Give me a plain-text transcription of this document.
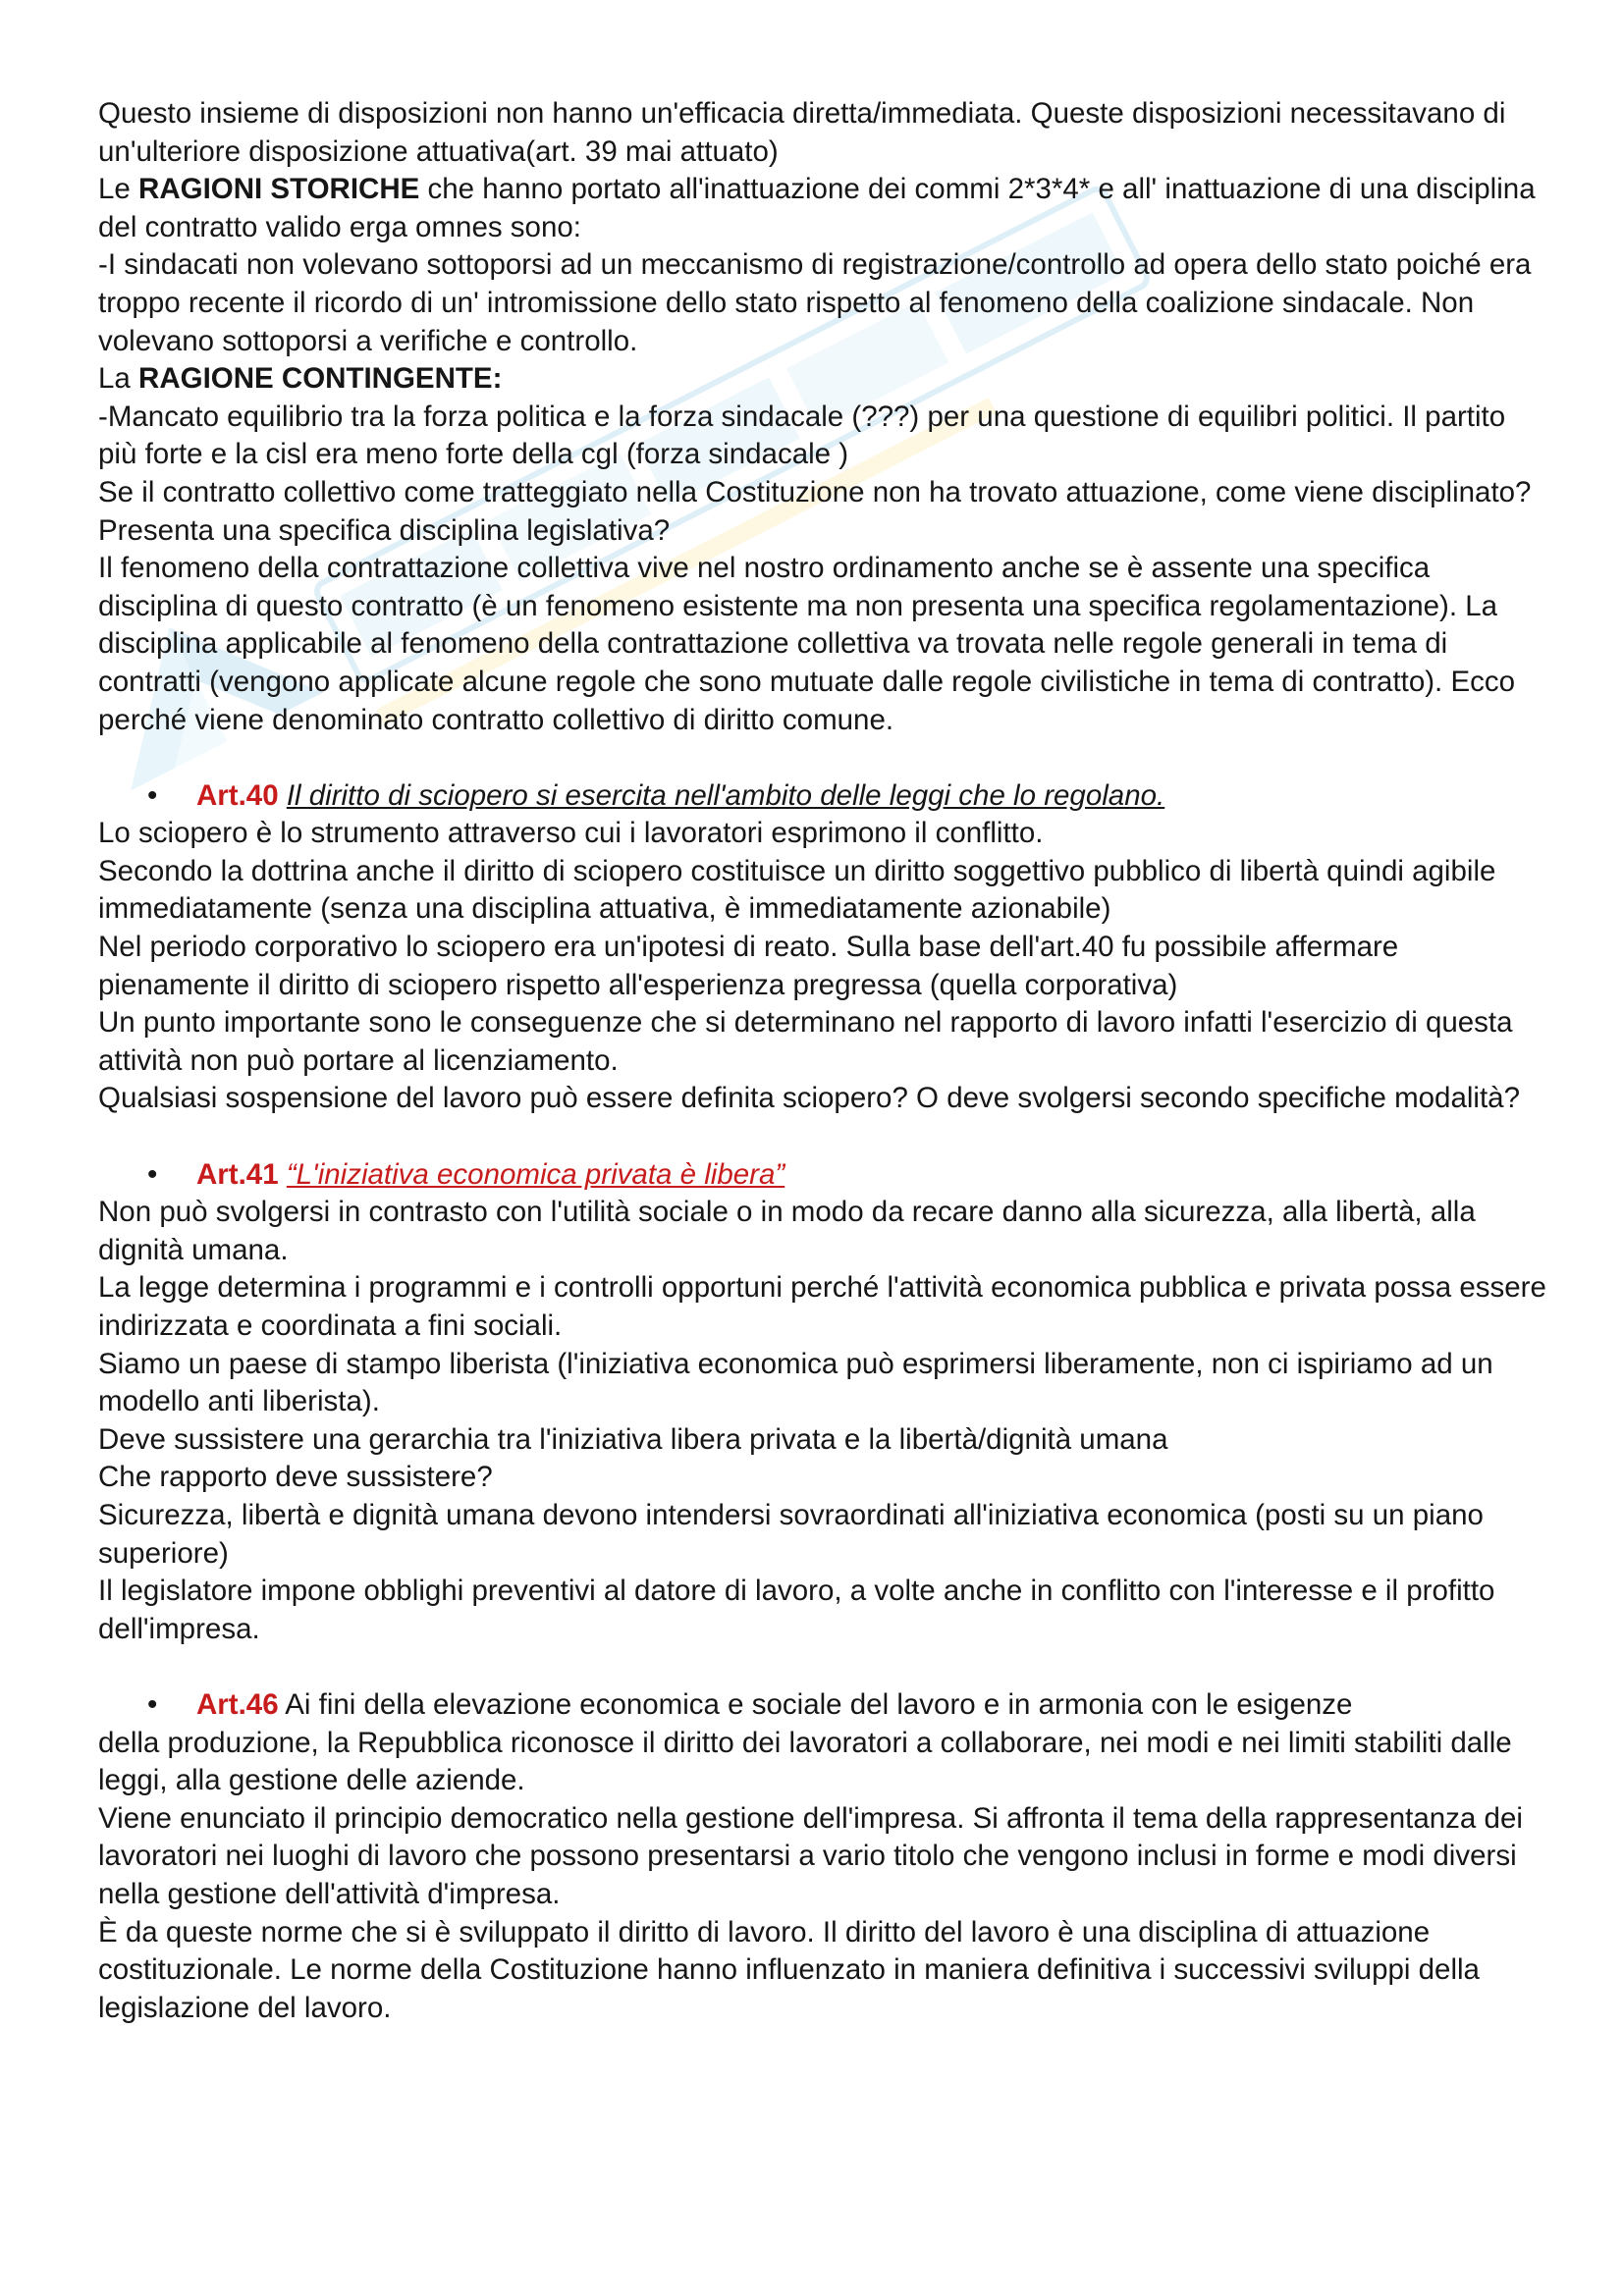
Questo insieme di disposizioni non hanno un'efficacia diretta/immediata. Queste disposizioni necessitavano di un'ulteriore disposizione attuativa(art. 39 mai attuato)

Le RAGIONI STORICHE che hanno portato all'inattuazione dei commi 2*3*4* e all' inattuazione di una disciplina del contratto valido erga omnes sono:

-I sindacati non volevano sottoporsi ad un meccanismo di registrazione/controllo ad opera dello stato poiché era troppo recente il ricordo di un' intromissione dello stato rispetto al fenomeno della coalizione sindacale. Non volevano sottoporsi a verifiche e controllo.

La RAGIONE CONTINGENTE:

-Mancato equilibrio tra la forza politica e la forza sindacale (???) per una questione di equilibri politici. Il partito più forte e la cisl era meno forte della cgl (forza sindacale )

Se il contratto collettivo come tratteggiato nella Costituzione non ha trovato attuazione, come viene disciplinato? Presenta una specifica disciplina legislativa?

Il fenomeno della contrattazione collettiva vive nel nostro ordinamento anche se è assente una specifica disciplina di questo contratto (è un fenomeno esistente ma non presenta una specifica regolamentazione). La disciplina applicabile al fenomeno della contrattazione collettiva va trovata nelle regole generali in tema di contratti (vengono applicate alcune regole che sono mutuate dalle regole civilistiche in tema di contratto). Ecco perché viene denominato contratto collettivo di diritto comune.

• Art.40 Il diritto di sciopero si esercita nell'ambito delle leggi che lo regolano.

Lo sciopero è lo strumento attraverso cui i lavoratori esprimono il conflitto.

Secondo la dottrina anche il diritto di sciopero costituisce un diritto soggettivo pubblico di libertà quindi agibile immediatamente (senza una disciplina attuativa, è immediatamente azionabile)

Nel periodo corporativo lo sciopero era un'ipotesi di reato. Sulla base dell'art.40 fu possibile affermare pienamente il diritto di sciopero rispetto all'esperienza pregressa (quella corporativa)

Un punto importante sono le conseguenze che si determinano nel rapporto di lavoro infatti l'esercizio di questa attività non può portare al licenziamento.

Qualsiasi sospensione del lavoro può essere definita sciopero? O deve svolgersi secondo specifiche modalità?

• Art.41 “L'iniziativa economica privata è libera”

Non può svolgersi in contrasto con l'utilità sociale o in modo da recare danno alla sicurezza, alla libertà, alla dignità umana.

La legge determina i programmi e i controlli opportuni perché l'attività economica pubblica e privata possa essere indirizzata e coordinata a fini sociali.

Siamo un paese di stampo liberista (l'iniziativa economica può esprimersi liberamente, non ci ispiriamo ad un modello anti liberista).

Deve sussistere una gerarchia tra l'iniziativa libera privata e la libertà/dignità umana

Che rapporto deve sussistere?

Sicurezza, libertà e dignità umana devono intendersi sovraordinati all'iniziativa economica (posti su un piano superiore)

Il legislatore impone obblighi preventivi al datore di lavoro, a volte anche in conflitto con l'interesse e il profitto dell'impresa.

• Art.46 Ai fini della elevazione economica e sociale del lavoro e in armonia con le esigenze

della produzione, la Repubblica riconosce il diritto dei lavoratori a collaborare, nei modi e nei limiti stabiliti dalle leggi, alla gestione delle aziende.

Viene enunciato il principio democratico nella gestione dell'impresa. Si affronta il tema della rappresentanza dei lavoratori nei luoghi di lavoro che possono presentarsi a vario titolo che vengono inclusi in forme e modi diversi nella gestione dell'attività d'impresa.

È da queste norme che si è sviluppato il diritto di lavoro. Il diritto del lavoro è una disciplina di attuazione costituzionale. Le norme della Costituzione hanno influenzato in maniera definitiva i successivi sviluppi della legislazione del lavoro.
